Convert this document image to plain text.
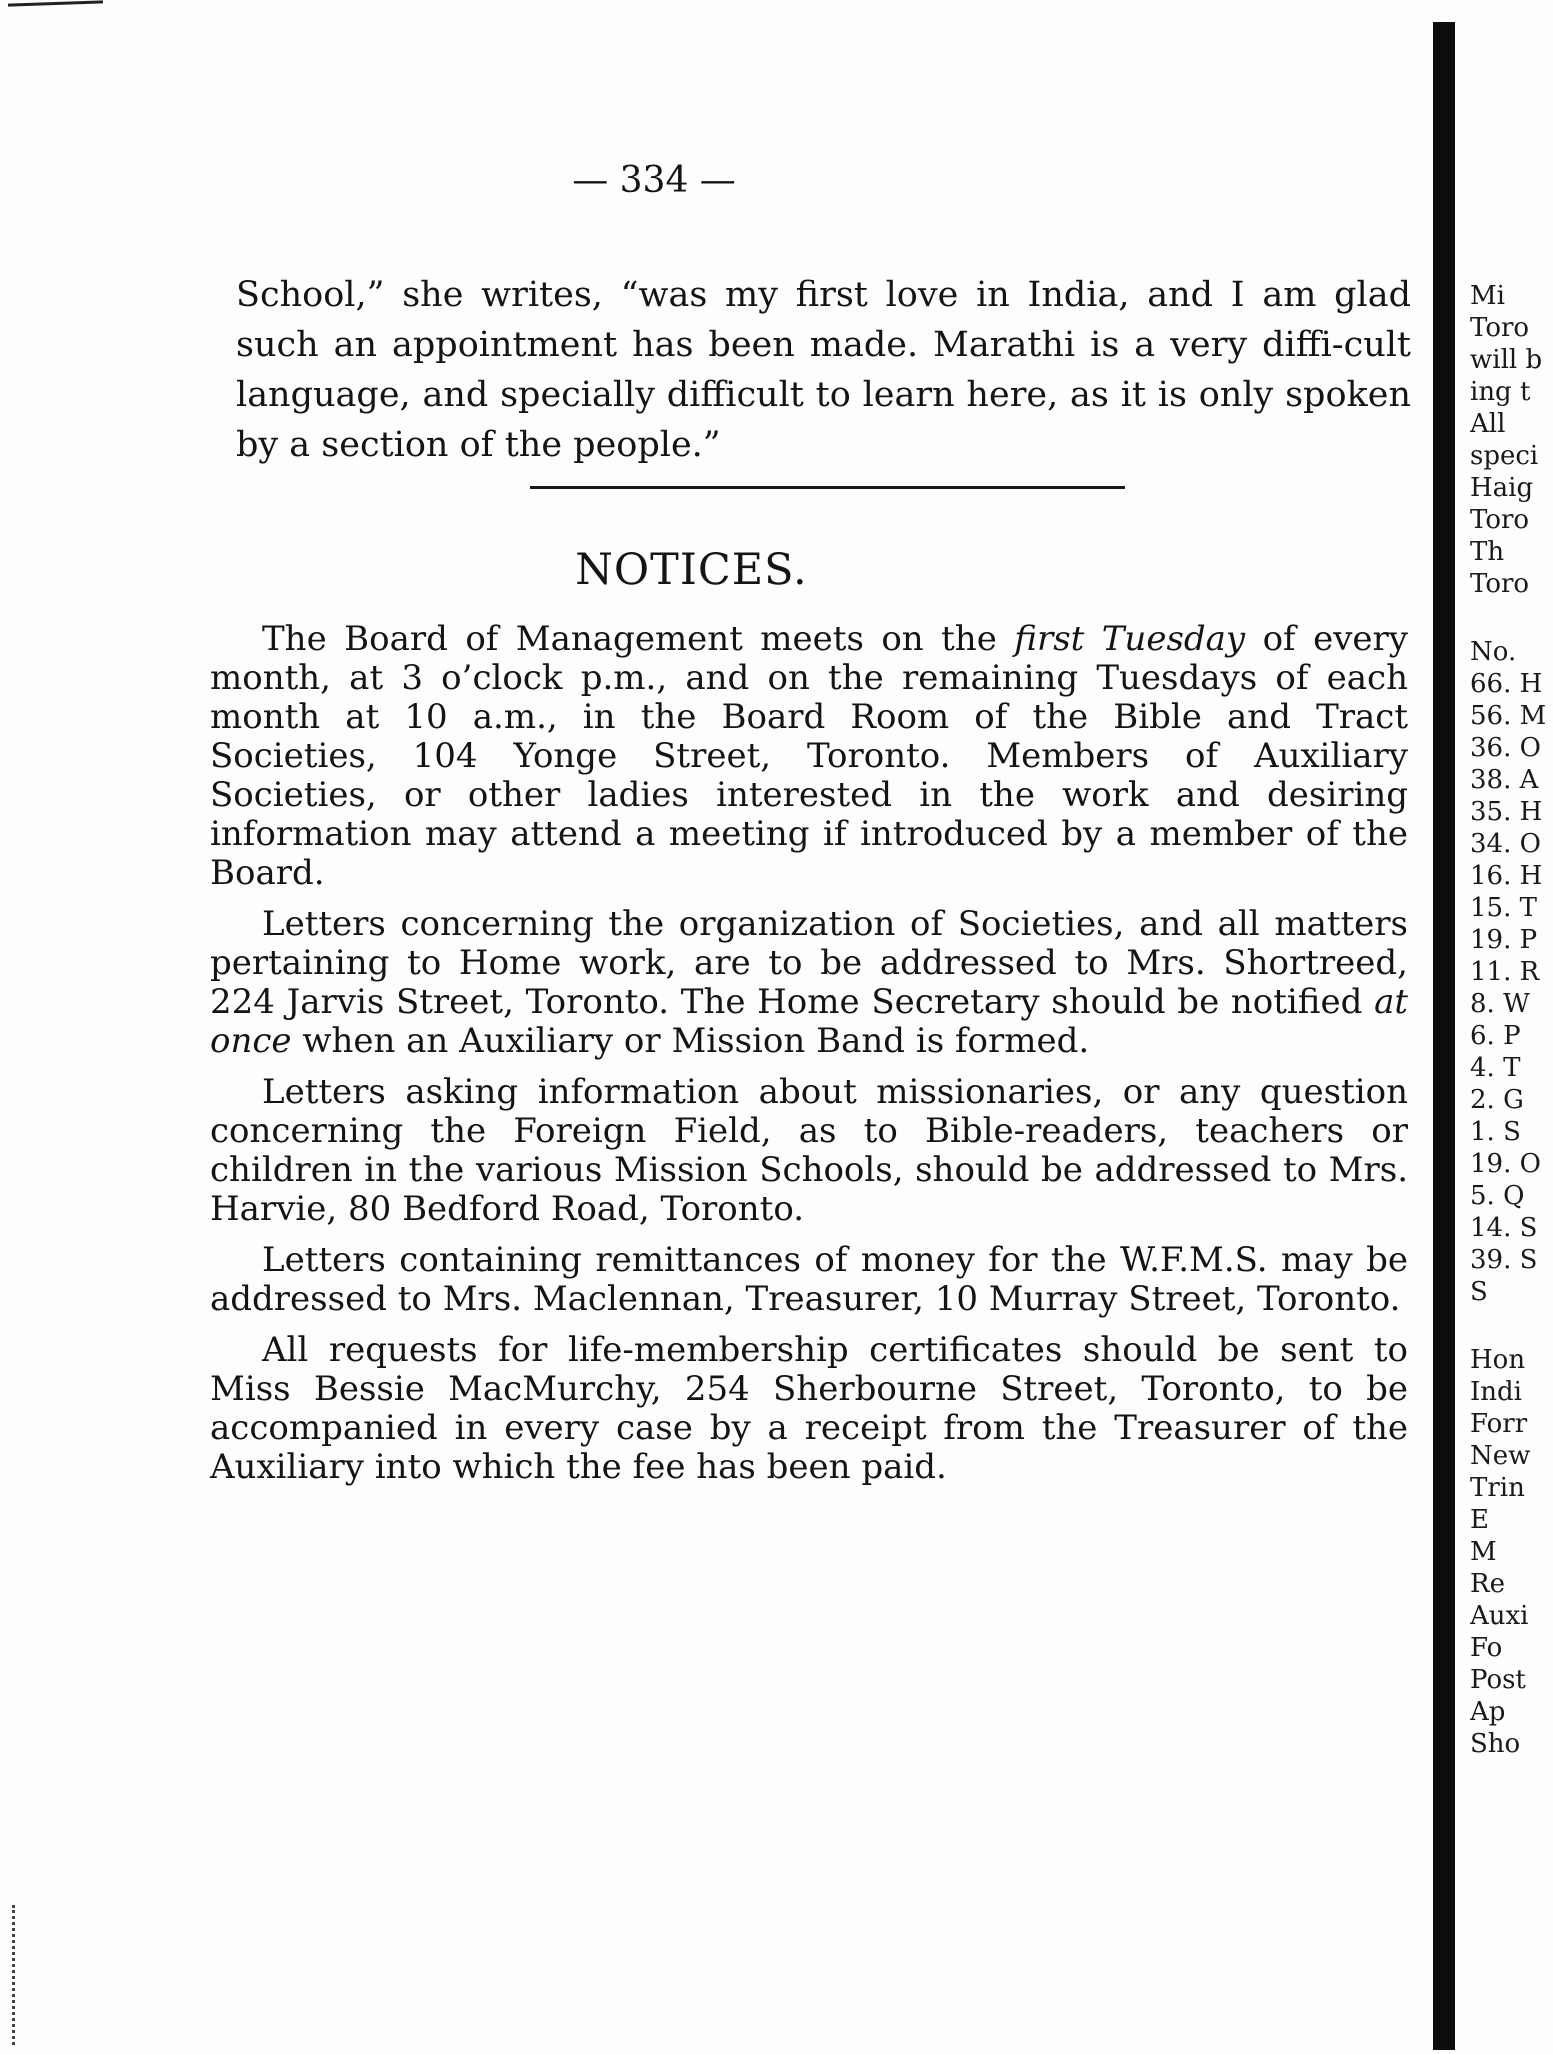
— 334 —

School,” she writes, “was my first love in India, and I am glad such an appointment has been made. Marathi is a very diffi-cult language, and specially difficult to learn here, as it is only spoken by a section of the people.”

NOTICES.

The Board of Management meets on the first Tuesday of every month, at 3 o’clock p.m., and on the remaining Tuesdays of each month at 10 a.m., in the Board Room of the Bible and Tract Societies, 104 Yonge Street, Toronto. Members of Auxiliary Societies, or other ladies interested in the work and desiring information may attend a meeting if introduced by a member of the Board.

Letters concerning the organization of Societies, and all matters pertaining to Home work, are to be addressed to Mrs. Shortreed, 224 Jarvis Street, Toronto. The Home Secretary should be notified at once when an Auxiliary or Mission Band is formed.

Letters asking information about missionaries, or any question concerning the Foreign Field, as to Bible-readers, teachers or children in the various Mission Schools, should be addressed to Mrs. Harvie, 80 Bedford Road, Toronto.

Letters containing remittances of money for the W.F.M.S. may be addressed to Mrs. Maclennan, Treasurer, 10 Murray Street, Toronto.

All requests for life-membership certificates should be sent to Miss Bessie MacMurchy, 254 Sherbourne Street, Toronto, to be accompanied in every case by a receipt from the Treasurer of the Auxiliary into which the fee has been paid.

Mi
Toro
will b
ing t
All
speci
Haig
Toro
Th
Toro
No.
66. H
56. M
36. O
38. A
35. H
34. O
16. H
15. T
19. P
11. R
8. W
6. P
4. T
2. G
1. S
19. O
5. Q
14. S
39. S
S
Hon
Indi
Forr
New
Trin
E
M
Re
Auxi
Fo
Post
Ap
Sho
